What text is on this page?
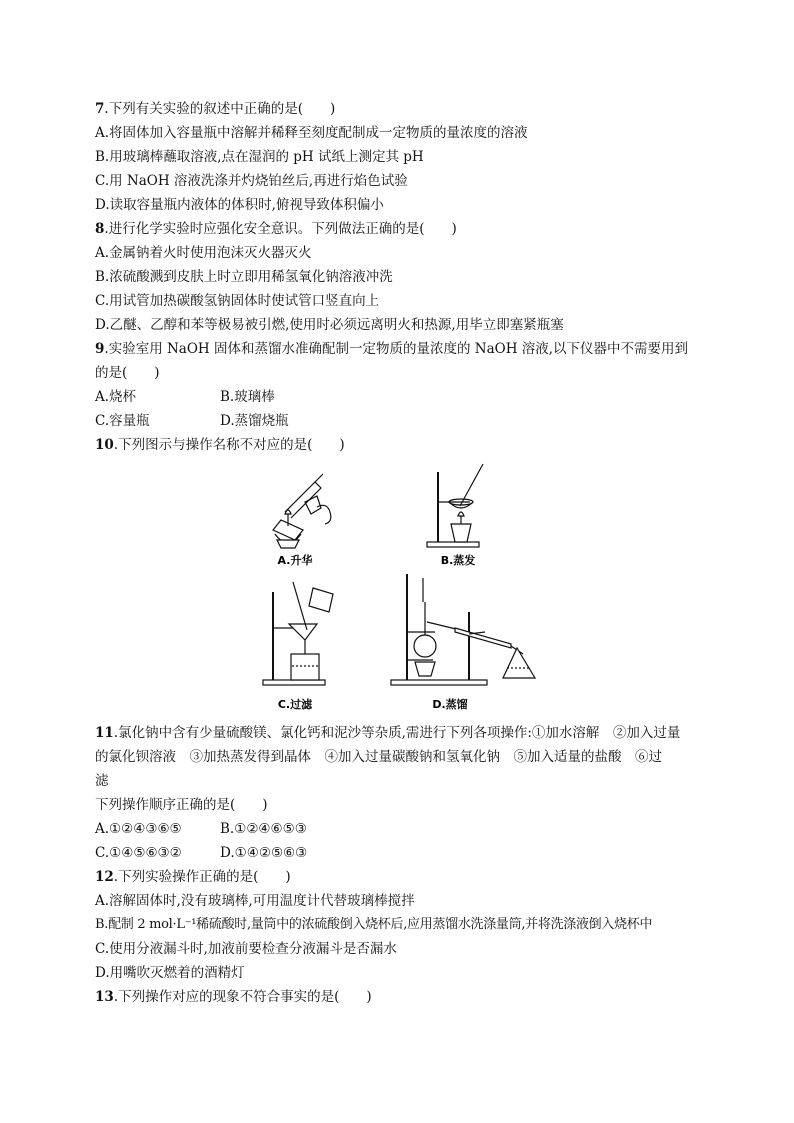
7.下列有关实验的叙述中正确的是(　　)
A.将固体加入容量瓶中溶解并稀释至刻度配制成一定物质的量浓度的溶液
B.用玻璃棒蘸取溶液,点在湿润的 pH 试纸上测定其 pH
C.用 NaOH 溶液洗涤并灼烧铂丝后,再进行焰色试验
D.读取容量瓶内液体的体积时,俯视导致体积偏小
8.进行化学实验时应强化安全意识。下列做法正确的是(　　)
A.金属钠着火时使用泡沫灭火器灭火
B.浓硫酸溅到皮肤上时立即用稀氢氧化钠溶液冲洗
C.用试管加热碳酸氢钠固体时使试管口竖直向上
D.乙醚、乙醇和苯等极易被引燃,使用时必须远离明火和热源,用毕立即塞紧瓶塞
9.实验室用 NaOH 固体和蒸馏水准确配制一定物质的量浓度的 NaOH 溶液,以下仪器中不需要用到
的是(　　)
A.烧杯	B.玻璃棒
C.容量瓶	D.蒸馏烧瓶
10.下列图示与操作名称不对应的是(　　)
A.升华	B.蒸发
C.过滤	D.蒸馏
11.氯化钠中含有少量硫酸镁、氯化钙和泥沙等杂质,需进行下列各项操作:①加水溶解　②加入过量
的氯化钡溶液　③加热蒸发得到晶体　④加入过量碳酸钠和氢氧化钠　⑤加入适量的盐酸　⑥过
滤
下列操作顺序正确的是(　　)
A.①②④③⑥⑤	B.①②④⑥⑤③
C.①④⑤⑥③②	D.①④②⑤⑥③
12.下列实验操作正确的是(　　)
A.溶解固体时,没有玻璃棒,可用温度计代替玻璃棒搅拌
B.配制 2 mol·L⁻¹稀硫酸时,量筒中的浓硫酸倒入烧杯后,应用蒸馏水洗涤量筒,并将洗涤液倒入烧杯中
C.使用分液漏斗时,加液前要检查分液漏斗是否漏水
D.用嘴吹灭燃着的酒精灯
13.下列操作对应的现象不符合事实的是(　　)
